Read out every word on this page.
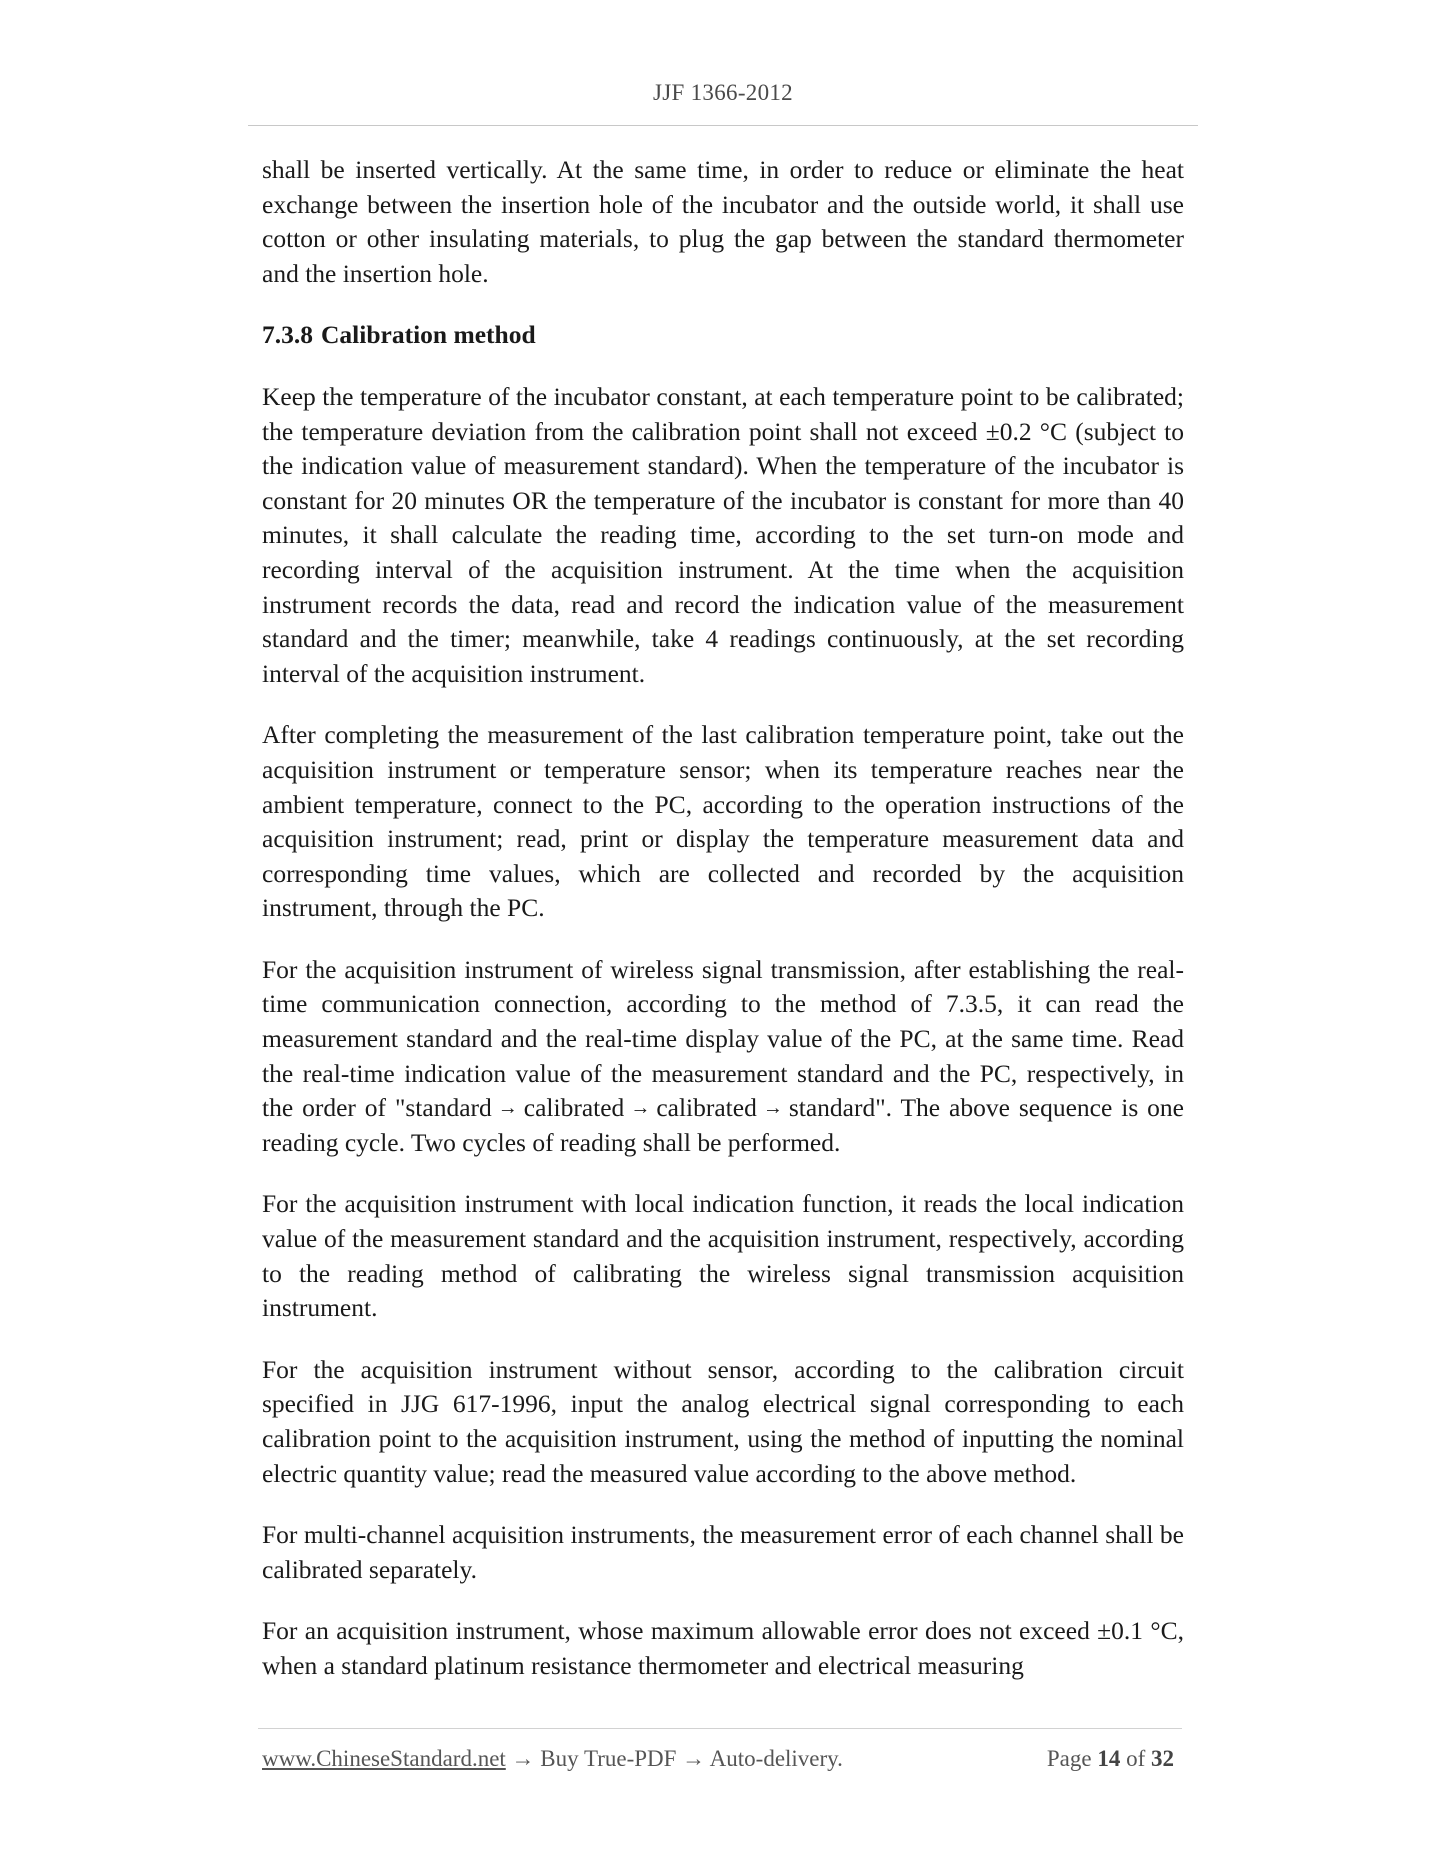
JJF 1366-2012

shall be inserted vertically. At the same time, in order to reduce or eliminate the heat exchange between the insertion hole of the incubator and the outside world, it shall use cotton or other insulating materials, to plug the gap between the standard thermometer and the insertion hole.

7.3.8 Calibration method

Keep the temperature of the incubator constant, at each temperature point to be calibrated; the temperature deviation from the calibration point shall not exceed ±0.2 °C (subject to the indication value of measurement standard). When the temperature of the incubator is constant for 20 minutes OR the temperature of the incubator is constant for more than 40 minutes, it shall calculate the reading time, according to the set turn-on mode and recording interval of the acquisition instrument. At the time when the acquisition instrument records the data, read and record the indication value of the measurement standard and the timer; meanwhile, take 4 readings continuously, at the set recording interval of the acquisition instrument.

After completing the measurement of the last calibration temperature point, take out the acquisition instrument or temperature sensor; when its temperature reaches near the ambient temperature, connect to the PC, according to the operation instructions of the acquisition instrument; read, print or display the temperature measurement data and corresponding time values, which are collected and recorded by the acquisition instrument, through the PC.

For the acquisition instrument of wireless signal transmission, after establishing the real-time communication connection, according to the method of 7.3.5, it can read the measurement standard and the real-time display value of the PC, at the same time. Read the real-time indication value of the measurement standard and the PC, respectively, in the order of "standard → calibrated → calibrated → standard". The above sequence is one reading cycle. Two cycles of reading shall be performed.

For the acquisition instrument with local indication function, it reads the local indication value of the measurement standard and the acquisition instrument, respectively, according to the reading method of calibrating the wireless signal transmission acquisition instrument.

For the acquisition instrument without sensor, according to the calibration circuit specified in JJG 617-1996, input the analog electrical signal corresponding to each calibration point to the acquisition instrument, using the method of inputting the nominal electric quantity value; read the measured value according to the above method.

For multi-channel acquisition instruments, the measurement error of each channel shall be calibrated separately.

For an acquisition instrument, whose maximum allowable error does not exceed ±0.1 °C, when a standard platinum resistance thermometer and electrical measuring

www.ChineseStandard.net → Buy True-PDF → Auto-delivery.	Page 14 of 32
